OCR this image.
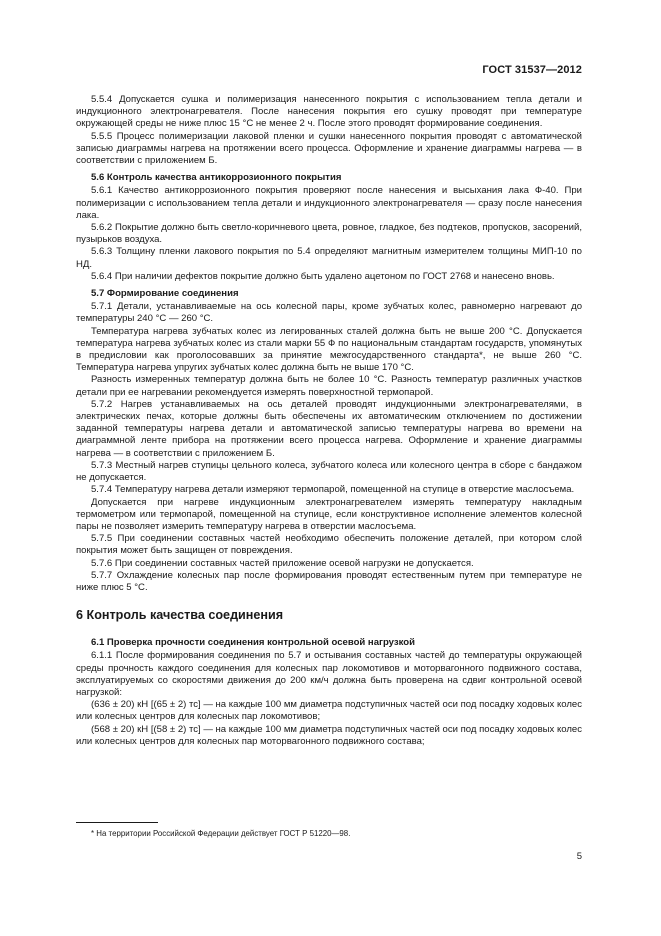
ГОСТ 31537—2012

5.5.4 Допускается сушка и полимеризация нанесенного покрытия с использованием тепла детали и индукционного электронагревателя. После нанесения покрытия его сушку проводят при температуре окружающей среды не ниже плюс 15 °С не менее 2 ч. После этого проводят формирование соединения.

5.5.5 Процесс полимеризации лаковой пленки и сушки нанесенного покрытия проводят с автоматической записью диаграммы нагрева на протяжении всего процесса. Оформление и хранение диаграммы нагрева — в соответствии с приложением Б.

5.6 Контроль качества антикоррозионного покрытия

5.6.1 Качество антикоррозионного покрытия проверяют после нанесения и высыхания лака Ф-40. При полимеризации с использованием тепла детали и индукционного электронагревателя — сразу после нанесения лака.

5.6.2 Покрытие должно быть светло-коричневого цвета, ровное, гладкое, без подтеков, пропусков, засорений, пузырьков воздуха.

5.6.3 Толщину пленки лакового покрытия по 5.4 определяют магнитным измерителем толщины МИП-10 по НД.

5.6.4 При наличии дефектов покрытие должно быть удалено ацетоном по ГОСТ 2768 и нанесено вновь.

5.7 Формирование соединения

5.7.1 Детали, устанавливаемые на ось колесной пары, кроме зубчатых колес, равномерно нагревают до температуры 240 °С — 260 °С.

Температура нагрева зубчатых колес из легированных сталей должна быть не выше 200 °С. Допускается температура нагрева зубчатых колес из стали марки 55 Ф по национальным стандартам государств, упомянутых в предисловии как проголосовавших за принятие межгосударственного стандарта*, не выше 260 °С. Температура нагрева упругих зубчатых колес должна быть не выше 170 °С.

Разность измеренных температур должна быть не более 10 °С. Разность температур различных участков детали при ее нагревании рекомендуется измерять поверхностной термопарой.

5.7.2 Нагрев устанавливаемых на ось деталей проводят индукционными электронагревателями, в электрических печах, которые должны быть обеспечены их автоматическим отключением по достижении заданной температуры нагрева детали и автоматической записью температуры нагрева во времени на диаграммной ленте прибора на протяжении всего процесса нагрева. Оформление и хранение диаграммы нагрева — в соответствии с приложением Б.

5.7.3 Местный нагрев ступицы цельного колеса, зубчатого колеса или колесного центра в сборе с бандажом не допускается.

5.7.4 Температуру нагрева детали измеряют термопарой, помещенной на ступице в отверстие маслосъема.

Допускается при нагреве индукционным электронагревателем измерять температуру накладным термометром или термопарой, помещенной на ступице, если конструктивное исполнение элементов колесной пары не позволяет измерить температуру нагрева в отверстии маслосъема.

5.7.5 При соединении составных частей необходимо обеспечить положение деталей, при котором слой покрытия может быть защищен от повреждения.

5.7.6 При соединении составных частей приложение осевой нагрузки не допускается.

5.7.7 Охлаждение колесных пар после формирования проводят естественным путем при температуре не ниже плюс 5 °С.

6 Контроль качества соединения

6.1 Проверка прочности соединения контрольной осевой нагрузкой

6.1.1 После формирования соединения по 5.7 и остывания составных частей до температуры окружающей среды прочность каждого соединения для колесных пар локомотивов и моторвагонного подвижного состава, эксплуатируемых со скоростями движения до 200 км/ч должна быть проверена на сдвиг контрольной осевой нагрузкой:

(636 ± 20) кН [(65 ± 2) тс] — на каждые 100 мм диаметра подступичных частей оси под посадку ходовых колес или колесных центров для колесных пар локомотивов;

(568 ± 20) кН [(58 ± 2) тс] — на каждые 100 мм диаметра подступичных частей оси под посадку ходовых колес или колесных центров для колесных пар моторвагонного подвижного состава;

* На территории Российской Федерации действует ГОСТ Р 51220—98.
5
